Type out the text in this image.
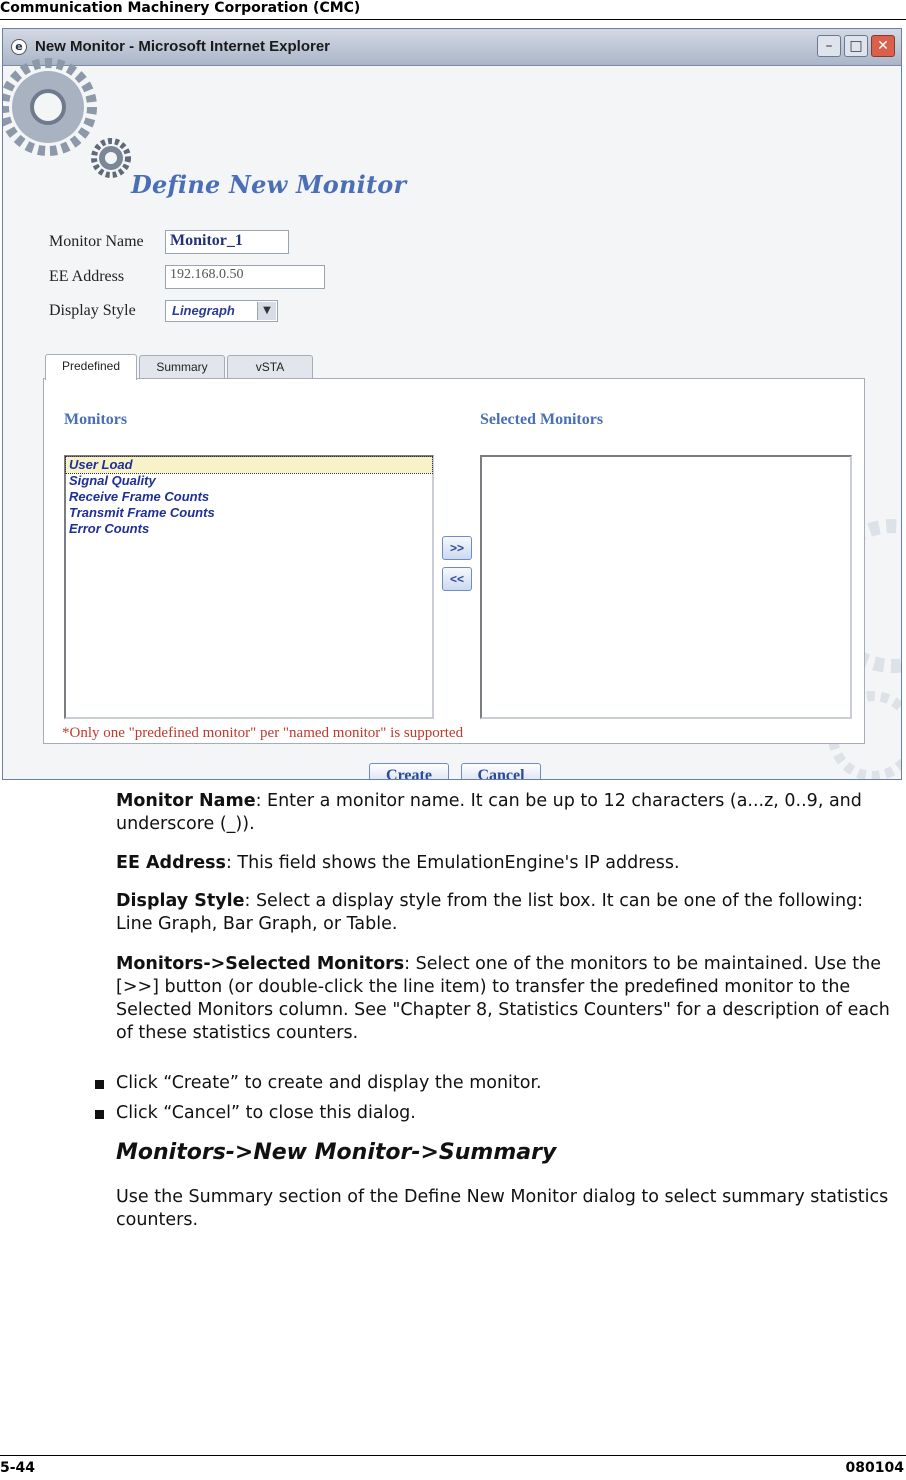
Communication Machinery Corporation (CMC)
e New Monitor - Microsoft Internet Explorer	–	□	✕
Define New Monitor
Monitor Name	Monitor_1
EE Address	192.168.0.50
Display Style	Linegraph	▼
Predefined	Summary	vSTA
Monitors	Selected Monitors
User Load
Signal Quality
Receive Frame Counts
Transmit Frame Counts
Error Counts
>>
<<
*Only one "predefined monitor" per "named monitor" is supported
Create	Cancel
Monitor Name: Enter a monitor name. It can be up to 12 characters (a...z, 0..9, and underscore (_)).
EE Address: This field shows the EmulationEngine's IP address.
Display Style: Select a display style from the list box. It can be one of the following: Line Graph, Bar Graph, or Table.
Monitors->Selected Monitors: Select one of the monitors to be maintained. Use the [>>] button (or double-click the line item) to transfer the predefined monitor to the Selected Monitors column. See "Chapter 8, Statistics Counters" for a description of each of these statistics counters.
Click “Create” to create and display the monitor.
Click “Cancel” to close this dialog.
Monitors->New Monitor->Summary
Use the Summary section of the Define New Monitor dialog to select summary statistics counters.
5-44	080104
